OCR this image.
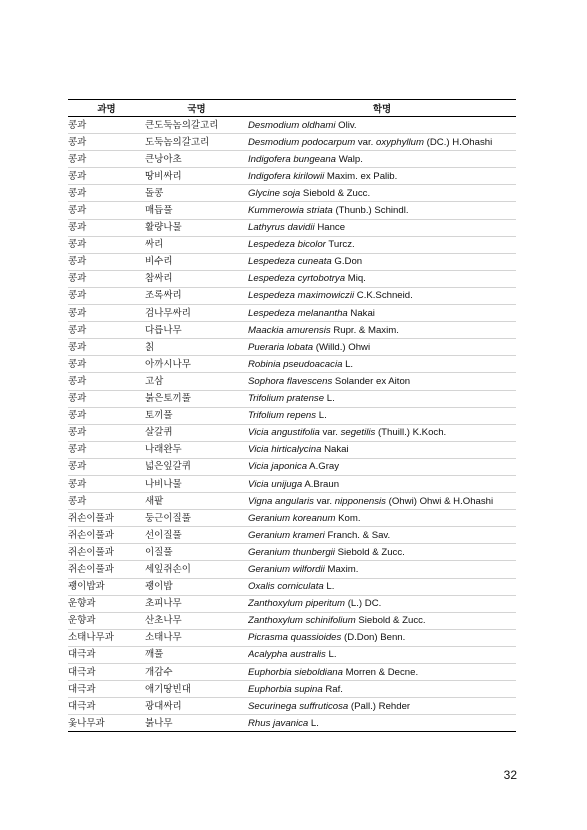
과명	국명	학명
콩과	큰도둑놈의갈고리	Desmodium oldhami Oliv.
콩과	도둑놈의갈고리	Desmodium podocarpum var. oxyphyllum (DC.) H.Ohashi
콩과	큰낭아초	Indigofera bungeana Walp.
콩과	땅비싸리	Indigofera kirilowii Maxim. ex Palib.
콩과	돌콩	Glycine soja Siebold & Zucc.
콩과	매듭풀	Kummerowia striata (Thunb.) Schindl.
콩과	활량나물	Lathyrus davidii Hance
콩과	싸리	Lespedeza bicolor Turcz.
콩과	비수리	Lespedeza cuneata G.Don
콩과	참싸리	Lespedeza cyrtobotrya Miq.
콩과	조록싸리	Lespedeza maximowiczii C.K.Schneid.
콩과	검나무싸리	Lespedeza melanantha Nakai
콩과	다릅나무	Maackia amurensis Rupr. & Maxim.
콩과	칡	Pueraria lobata (Willd.) Ohwi
콩과	아까시나무	Robinia pseudoacacia L.
콩과	고삼	Sophora flavescens Solander ex Aiton
콩과	붉은토끼풀	Trifolium pratense L.
콩과	토끼풀	Trifolium repens L.
콩과	살갈퀴	Vicia angustifolia var. segetilis (Thuill.) K.Koch.
콩과	나래완두	Vicia hirticalycina Nakai
콩과	넓은잎갈퀴	Vicia japonica A.Gray
콩과	나비나물	Vicia unijuga A.Braun
콩과	새팥	Vigna angularis var. nipponensis (Ohwi) Ohwi & H.Ohashi
쥐손이풀과	둥근이질풀	Geranium koreanum Kom.
쥐손이풀과	선이질풀	Geranium krameri Franch. & Sav.
쥐손이풀과	이질풀	Geranium thunbergii Siebold & Zucc.
쥐손이풀과	세잎쥐손이	Geranium wilfordii Maxim.
괭이밥과	괭이밥	Oxalis corniculata L.
운향과	초피나무	Zanthoxylum piperitum (L.) DC.
운향과	산초나무	Zanthoxylum schinifolium Siebold & Zucc.
소태나무과	소태나무	Picrasma quassioides (D.Don) Benn.
대극과	깨풀	Acalypha australis L.
대극과	개감수	Euphorbia sieboldiana Morren & Decne.
대극과	애기땅빈대	Euphorbia supina Raf.
대극과	광대싸리	Securinega suffruticosa (Pall.) Rehder
옻나무과	붉나무	Rhus javanica L.
32
